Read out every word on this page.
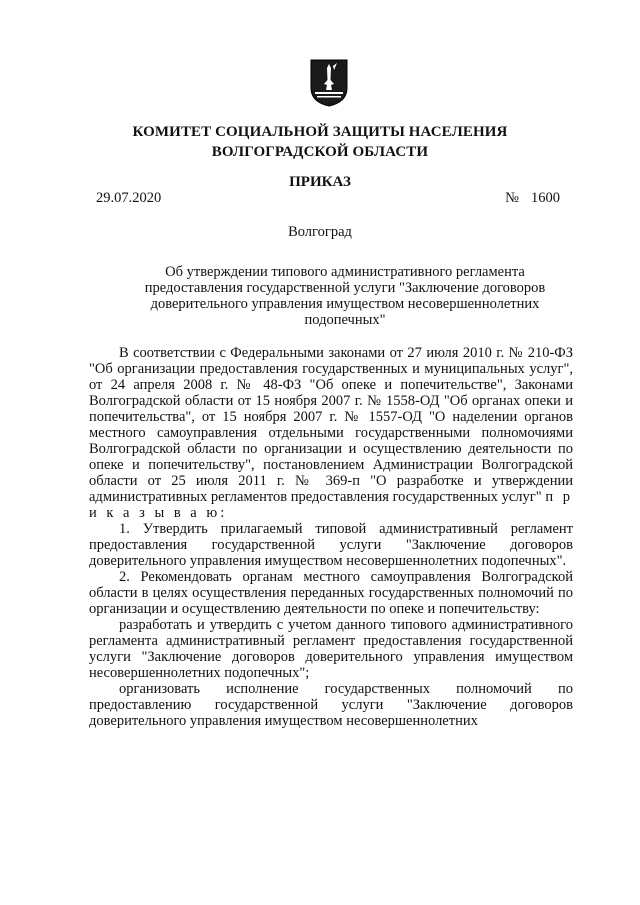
КОМИТЕТ СОЦИАЛЬНОЙ ЗАЩИТЫ НАСЕЛЕНИЯ
ВОЛГОГРАДСКОЙ ОБЛАСТИ
ПРИКАЗ
29.07.2020	№ 1600
Волгоград
Об утверждении типового административного регламента
предоставления государственной услуги "Заключение договоров
доверительного управления имуществом несовершеннолетних
подопечных"

В соответствии с Федеральными законами от 27 июля 2010 г. № 210-ФЗ "Об организации предоставления государственных и муниципальных услуг", от 24 апреля 2008 г. № 48-ФЗ "Об опеке и попечительстве", Законами Волгоградской области от 15 ноября 2007 г. № 1558-ОД "Об органах опеки и попечительства", от 15 ноября 2007 г. № 1557-ОД "О наделении органов местного самоуправления отдельными государственными полномочиями Волгоградской области по организации и осуществлению деятельности по опеке и попечительству", постановлением Администрации Волгоградской области от 25 июля 2011 г. № 369-п "О разработке и утверждении административных регламентов предоставления государственных услуг" п р и к а з ы в а ю:

1. Утвердить прилагаемый типовой административный регламент предоставления государственной услуги "Заключение договоров доверительного управления имуществом несовершеннолетних подопечных".

2. Рекомендовать органам местного самоуправления Волгоградской области в целях осуществления переданных государственных полномочий по организации и осуществлению деятельности по опеке и попечительству:

разработать и утвердить с учетом данного типового административного регламента административный регламент предоставления государственной услуги "Заключение договоров доверительного управления имуществом несовершеннолетних подопечных";

организовать исполнение государственных полномочий по предоставлению государственной услуги "Заключение договоров доверительного управления имуществом несовершеннолетних
